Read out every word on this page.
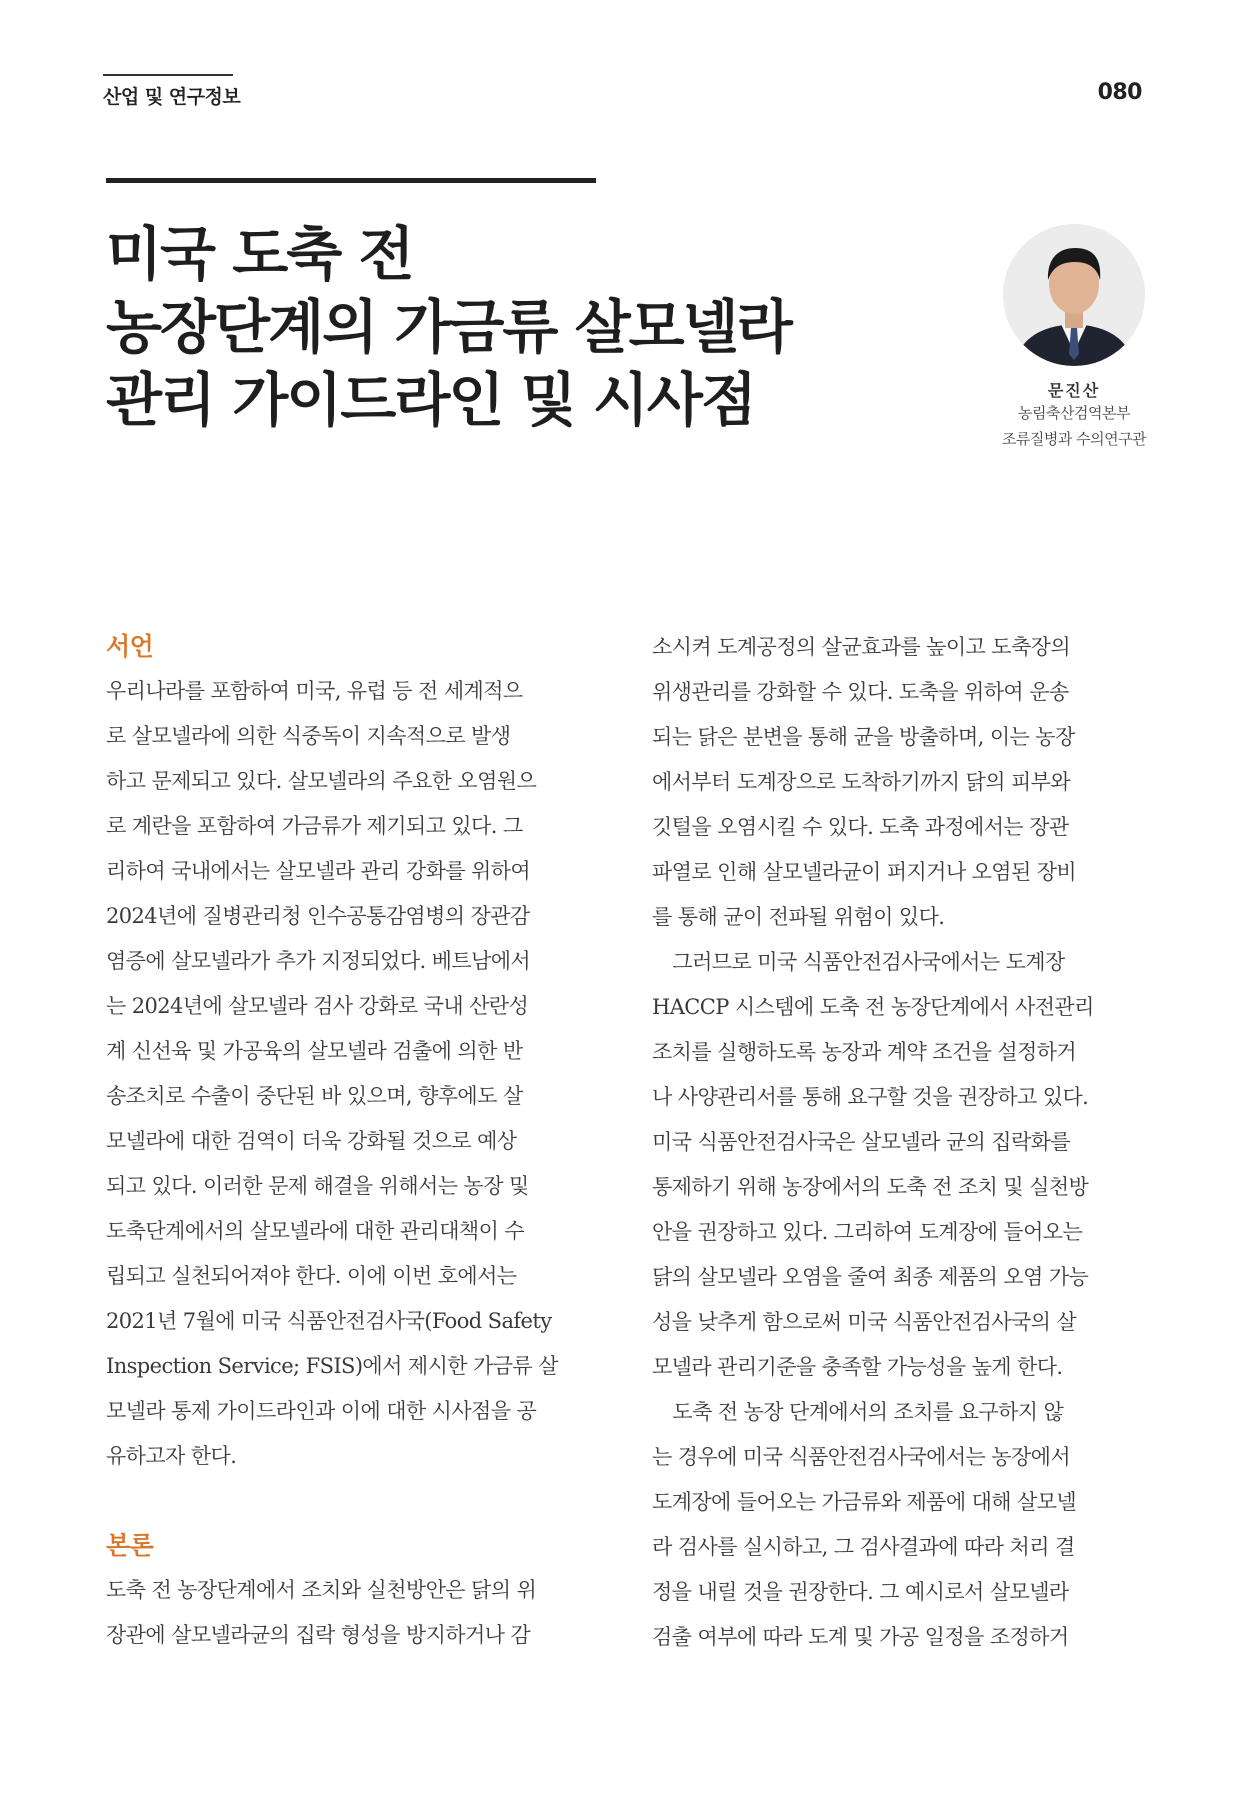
산업 및 연구정보	080
미국 도축 전
농장단계의 가금류 살모넬라
관리 가이드라인 및 시사점	문진산
농림축산검역본부
조류질병과 수의연구관
서언
우리나라를 포함하여 미국, 유럽 등 전 세계적으
로 살모넬라에 의한 식중독이 지속적으로 발생
하고 문제되고 있다. 살모넬라의 주요한 오염원으
로 계란을 포함하여 가금류가 제기되고 있다. 그
리하여 국내에서는 살모넬라 관리 강화를 위하여
2024년에 질병관리청 인수공통감염병의 장관감
염증에 살모넬라가 추가 지정되었다. 베트남에서
는 2024년에 살모넬라 검사 강화로 국내 산란성
계 신선육 및 가공육의 살모넬라 검출에 의한 반
송조치로 수출이 중단된 바 있으며, 향후에도 살
모넬라에 대한 검역이 더욱 강화될 것으로 예상
되고 있다. 이러한 문제 해결을 위해서는 농장 및
도축단계에서의 살모넬라에 대한 관리대책이 수
립되고 실천되어져야 한다. 이에 이번 호에서는
2021년 7월에 미국 식품안전검사국(Food Safety
Inspection Service; FSIS)에서 제시한 가금류 살
모넬라 통제 가이드라인과 이에 대한 시사점을 공
유하고자 한다.
본론
도축 전 농장단계에서 조치와 실천방안은 닭의 위
장관에 살모넬라균의 집락 형성을 방지하거나 감
소시켜 도계공정의 살균효과를 높이고 도축장의
위생관리를 강화할 수 있다. 도축을 위하여 운송
되는 닭은 분변을 통해 균을 방출하며, 이는 농장
에서부터 도계장으로 도착하기까지 닭의 피부와
깃털을 오염시킬 수 있다. 도축 과정에서는 장관
파열로 인해 살모넬라균이 퍼지거나 오염된 장비
를 통해 균이 전파될 위험이 있다.
　그러므로 미국 식품안전검사국에서는 도계장
HACCP 시스템에 도축 전 농장단계에서 사전관리
조치를 실행하도록 농장과 계약 조건을 설정하거
나 사양관리서를 통해 요구할 것을 권장하고 있다.
미국 식품안전검사국은 살모넬라 균의 집락화를
통제하기 위해 농장에서의 도축 전 조치 및 실천방
안을 권장하고 있다. 그리하여 도계장에 들어오는
닭의 살모넬라 오염을 줄여 최종 제품의 오염 가능
성을 낮추게 함으로써 미국 식품안전검사국의 살
모넬라 관리기준을 충족할 가능성을 높게 한다.
　도축 전 농장 단계에서의 조치를 요구하지 않
는 경우에 미국 식품안전검사국에서는 농장에서
도계장에 들어오는 가금류와 제품에 대해 살모넬
라 검사를 실시하고, 그 검사결과에 따라 처리 결
정을 내릴 것을 권장한다. 그 예시로서 살모넬라
검출 여부에 따라 도계 및 가공 일정을 조정하거
